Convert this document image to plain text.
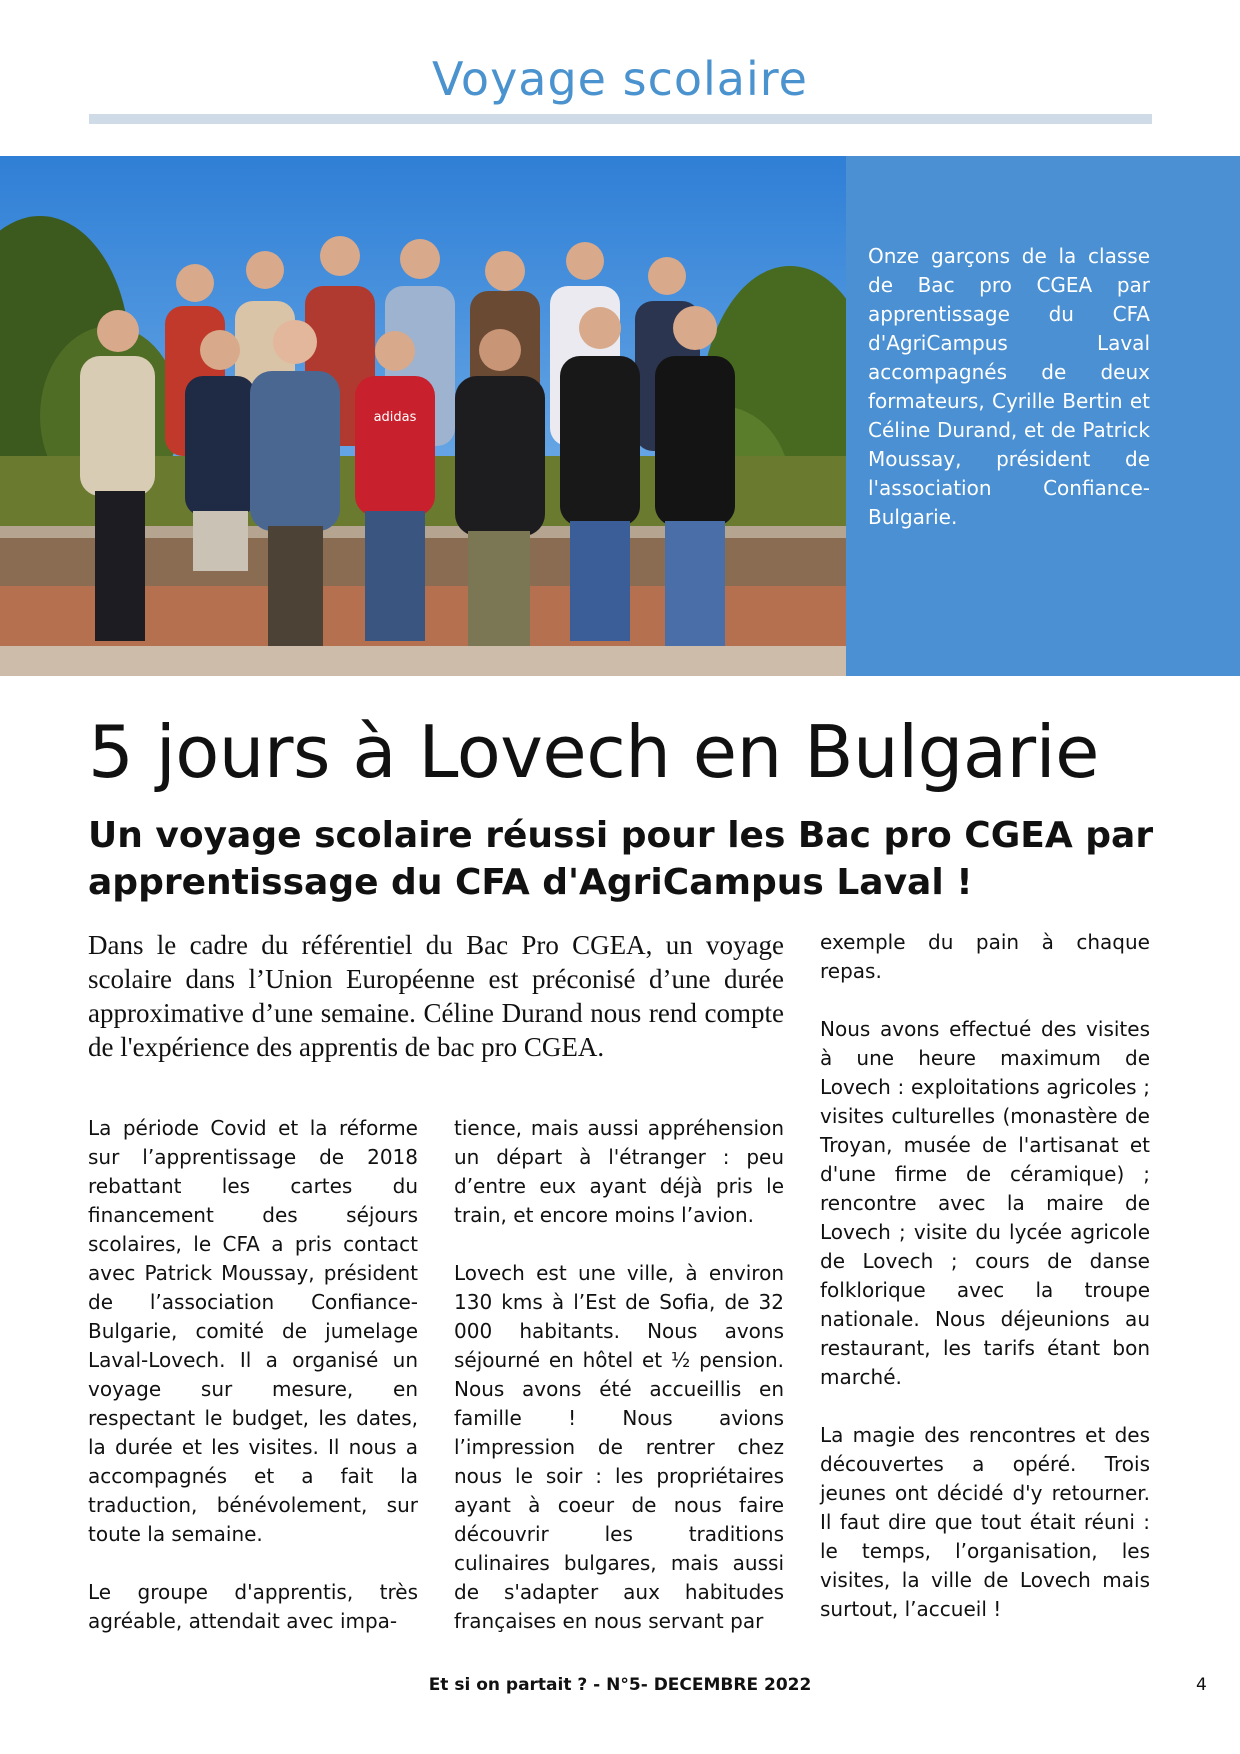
Voyage scolaire
adidas

Onze garçons de la classe de Bac pro CGEA par apprentissage du CFA d'AgriCampus Laval accompagnés de deux formateurs, Cyrille Bertin et Céline Durand, et de Patrick Moussay, président de l'association Confiance-Bulgarie.

5 jours à Lovech en Bulgarie
Un voyage scolaire réussi pour les Bac pro CGEA par apprentissage du CFA d'AgriCampus Laval !

Dans le cadre du référentiel du Bac Pro CGEA, un voyage scolaire dans l’Union Européenne est préconisé d’une durée approximative d’une semaine. Céline Durand nous rend compte de l'expérience des apprentis de bac pro CGEA.

La période Covid et la réforme sur l’apprentissage de 2018 rebattant les cartes du financement des séjours scolaires, le CFA a pris contact avec Patrick Moussay, président de l’association Confiance-Bulgarie, comité de jumelage Laval-Lovech. Il a organisé un voyage sur mesure, en respectant le budget, les dates, la durée et les visites. Il nous a accompagnés et a fait la traduction, bénévolement, sur toute la semaine.

Le groupe d'apprentis, très agréable, attendait avec impa-

tience, mais aussi appréhension un départ à l'étranger : peu d’entre eux ayant déjà pris le train, et encore moins l’avion.

Lovech est une ville, à environ 130 kms à l’Est de Sofia, de 32 000 habitants. Nous avons séjourné en hôtel et ½ pension. Nous avons été accueillis en famille ! Nous avions l’impression de rentrer chez nous le soir : les propriétaires ayant à coeur de nous faire découvrir les traditions culinaires bulgares, mais aussi de s'adapter aux habitudes françaises en nous servant par

exemple du pain à chaque repas.

Nous avons effectué des visites à une heure maximum de Lovech : exploitations agricoles ; visites culturelles (monastère de Troyan, musée de l'artisanat et d'une firme de céramique) ; rencontre avec la maire de Lovech ; visite du lycée agricole de Lovech ; cours de danse folklorique avec la troupe nationale. Nous déjeunions au restaurant, les tarifs étant bon marché.

La magie des rencontres et des découvertes a opéré. Trois jeunes ont décidé d'y retourner. Il faut dire que tout était réuni : le temps, l’organisation, les visites, la ville de Lovech mais surtout, l’accueil !

Et si on partait ? - N°5- DECEMBRE 2022	4
